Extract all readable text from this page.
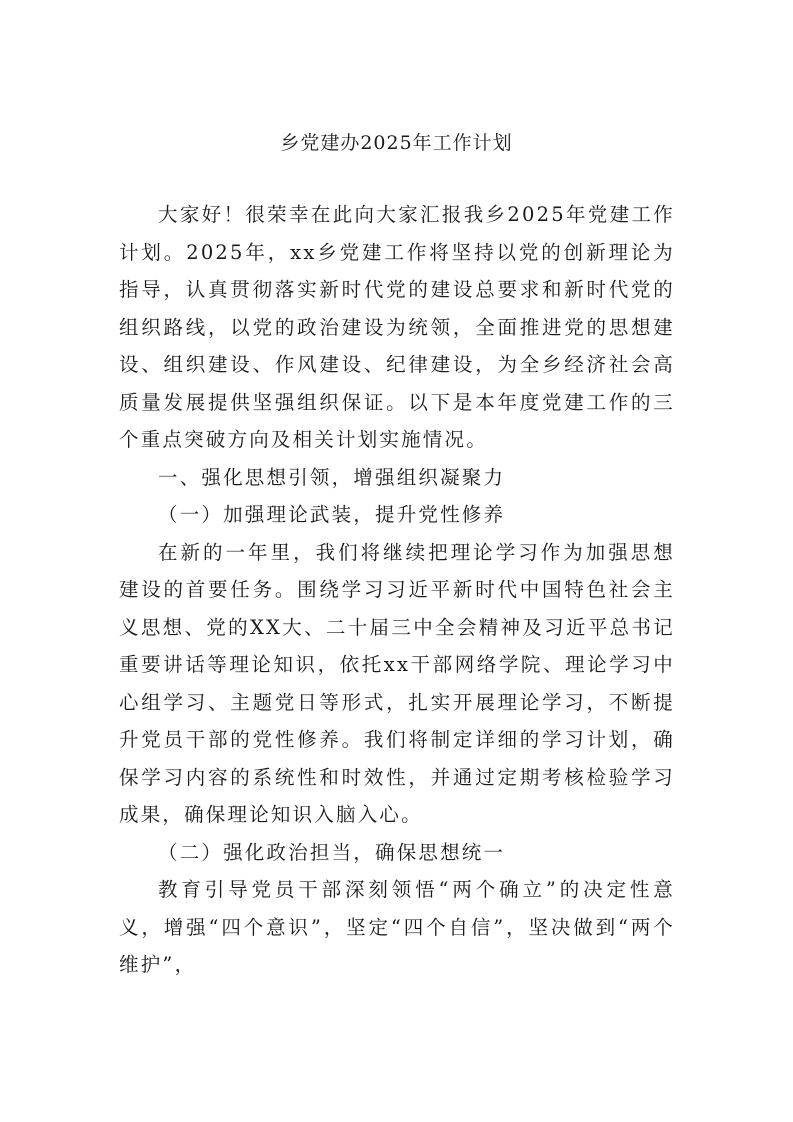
乡党建办2025年工作计划

大家好！很荣幸在此向大家汇报我乡2025年党建工作计划。2025年，xx乡党建工作将坚持以党的创新理论为指导，认真贯彻落实新时代党的建设总要求和新时代党的组织路线，以党的政治建设为统领，全面推进党的思想建设、组织建设、作风建设、纪律建设，为全乡经济社会高质量发展提供坚强组织保证。以下是本年度党建工作的三个重点突破方向及相关计划实施情况。

一、强化思想引领，增强组织凝聚力

（一）加强理论武装，提升党性修养

在新的一年里，我们将继续把理论学习作为加强思想建设的首要任务。围绕学习习近平新时代中国特色社会主义思想、党的XX大、二十届三中全会精神及习近平总书记重要讲话等理论知识，依托xx干部网络学院、理论学习中心组学习、主题党日等形式，扎实开展理论学习，不断提升党员干部的党性修养。我们将制定详细的学习计划，确保学习内容的系统性和时效性，并通过定期考核检验学习成果，确保理论知识入脑入心。

（二）强化政治担当，确保思想统一

教育引导党员干部深刻领悟“两个确立”的决定性意义，增强“四个意识”，坚定“四个自信”，坚决做到“两个维护”，
